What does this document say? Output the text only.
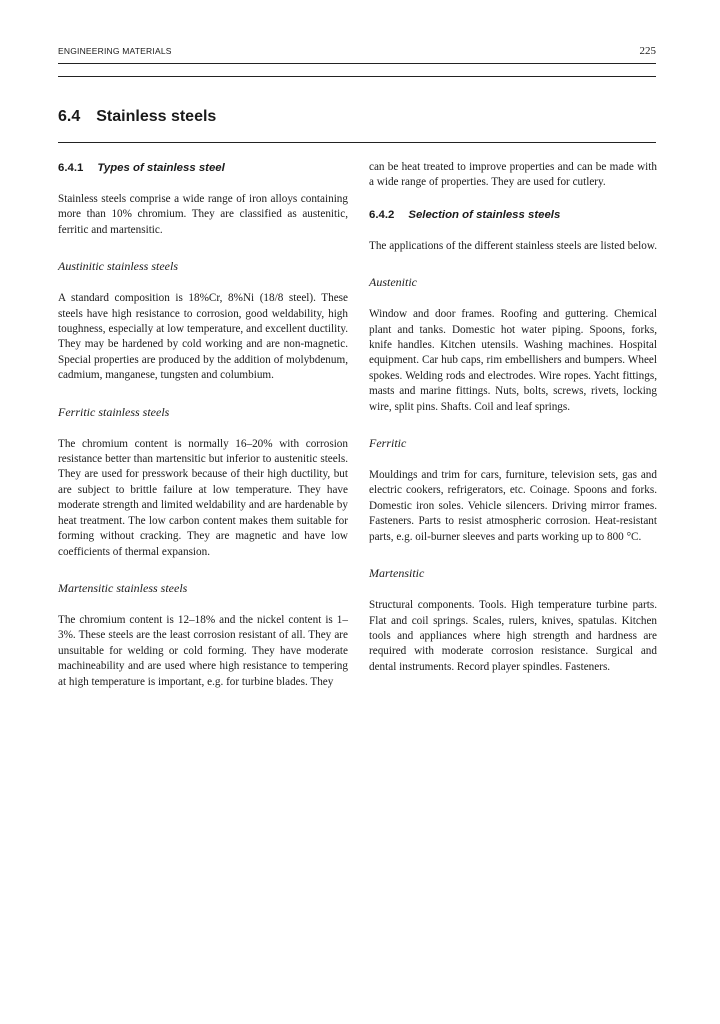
ENGINEERING MATERIALS	225
6.4 Stainless steels
6.4.1 Types of stainless steel

Stainless steels comprise a wide range of iron alloys containing more than 10% chromium. They are classified as austenitic, ferritic and martensitic.

Austinitic stainless steels

A standard composition is 18%Cr, 8%Ni (18/8 steel). These steels have high resistance to corrosion, good weldability, high toughness, especially at low temperature, and excellent ductility. They may be hardened by cold working and are non-magnetic. Special properties are produced by the addition of molybdenum, cadmium, manganese, tungsten and columbium.

Ferritic stainless steels

The chromium content is normally 16–20% with corrosion resistance better than martensitic but inferior to austenitic steels. They are used for presswork because of their high ductility, but are subject to brittle failure at low temperature. They have moderate strength and limited weldability and are hardenable by heat treatment. The low carbon content makes them suitable for forming without cracking. They are magnetic and have low coefficients of thermal expansion.

Martensitic stainless steels

The chromium content is 12–18% and the nickel content is 1–3%. These steels are the least corrosion resistant of all. They are unsuitable for welding or cold forming. They have moderate machineability and are used where high resistance to tempering at high temperature is important, e.g. for turbine blades. They

can be heat treated to improve properties and can be made with a wide range of properties. They are used for cutlery.

6.4.2 Selection of stainless steels

The applications of the different stainless steels are listed below.

Austenitic

Window and door frames. Roofing and guttering. Chemical plant and tanks. Domestic hot water piping. Spoons, forks, knife handles. Kitchen utensils. Washing machines. Hospital equipment. Car hub caps, rim embellishers and bumpers. Wheel spokes. Welding rods and electrodes. Wire ropes. Yacht fittings, masts and marine fittings. Nuts, bolts, screws, rivets, locking wire, split pins. Shafts. Coil and leaf springs.

Ferritic

Mouldings and trim for cars, furniture, television sets, gas and electric cookers, refrigerators, etc. Coinage. Spoons and forks. Domestic iron soles. Vehicle silencers. Driving mirror frames. Fasteners. Parts to resist atmospheric corrosion. Heat-resistant parts, e.g. oil-burner sleeves and parts working up to 800 °C.

Martensitic

Structural components. Tools. High temperature turbine parts. Flat and coil springs. Scales, rulers, knives, spatulas. Kitchen tools and appliances where high strength and hardness are required with moderate corrosion resistance. Surgical and dental instruments. Record player spindles. Fasteners.
